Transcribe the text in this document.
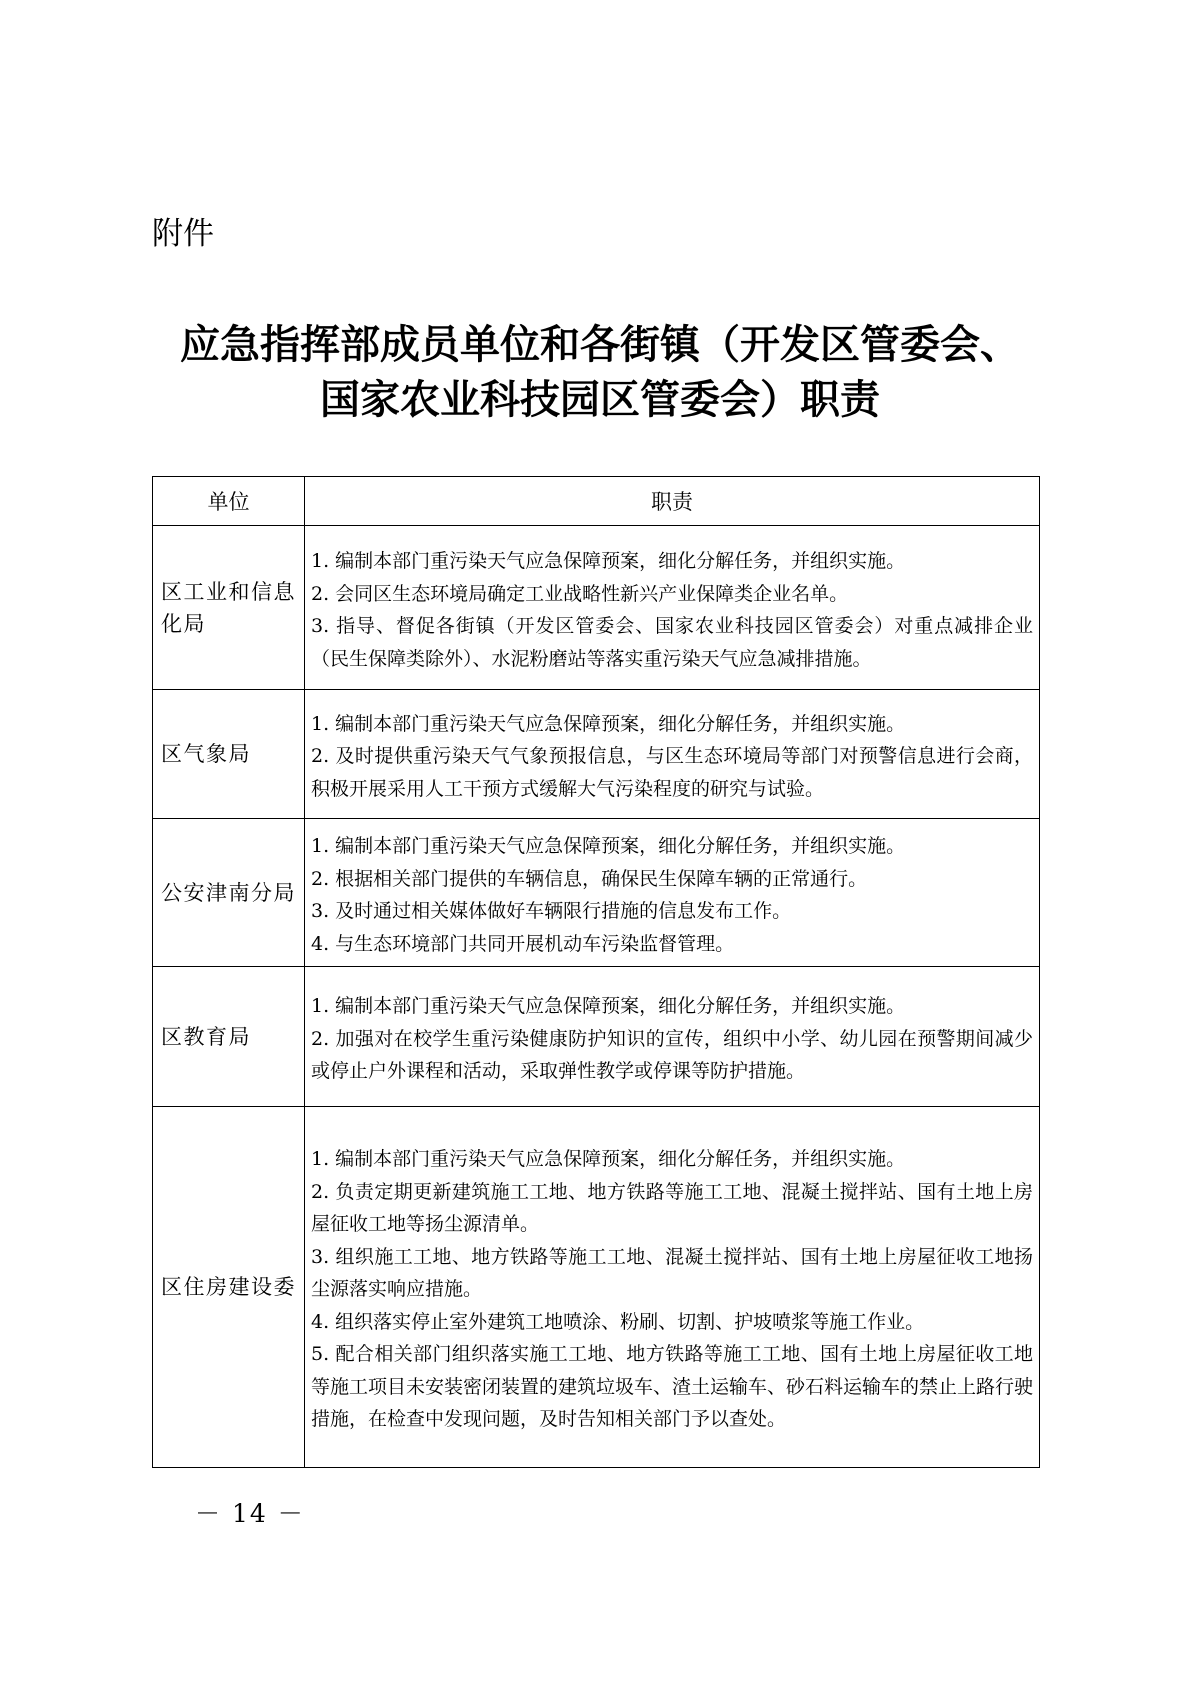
附件

应急指挥部成员单位和各街镇（开发区管委会、
国家农业科技园区管委会）职责
单位	职责
区工业和信息化局	1. 编制本部门重污染天气应急保障预案，细化分解任务，并组织实施。
2. 会同区生态环境局确定工业战略性新兴产业保障类企业名单。
3. 指导、督促各街镇（开发区管委会、国家农业科技园区管委会）对重点减排企业（民生保障类除外）、水泥粉磨站等落实重污染天气应急减排措施。

区气象局	1. 编制本部门重污染天气应急保障预案，细化分解任务，并组织实施。
2. 及时提供重污染天气气象预报信息，与区生态环境局等部门对预警信息进行会商，积极开展采用人工干预方式缓解大气污染程度的研究与试验。

公安津南分局	1. 编制本部门重污染天气应急保障预案，细化分解任务，并组织实施。
2. 根据相关部门提供的车辆信息，确保民生保障车辆的正常通行。
3. 及时通过相关媒体做好车辆限行措施的信息发布工作。
4. 与生态环境部门共同开展机动车污染监督管理。

区教育局	1. 编制本部门重污染天气应急保障预案，细化分解任务，并组织实施。
2. 加强对在校学生重污染健康防护知识的宣传，组织中小学、幼儿园在预警期间减少或停止户外课程和活动，采取弹性教学或停课等防护措施。

区住房建设委	1. 编制本部门重污染天气应急保障预案，细化分解任务，并组织实施。
2. 负责定期更新建筑施工工地、地方铁路等施工工地、混凝土搅拌站、国有土地上房屋征收工地等扬尘源清单。
3. 组织施工工地、地方铁路等施工工地、混凝土搅拌站、国有土地上房屋征收工地扬尘源落实响应措施。
4. 组织落实停止室外建筑工地喷涂、粉刷、切割、护坡喷浆等施工作业。
5. 配合相关部门组织落实施工工地、地方铁路等施工工地、国有土地上房屋征收工地等施工项目未安装密闭装置的建筑垃圾车、渣土运输车、砂石料运输车的禁止上路行驶措施，在检查中发现问题，及时告知相关部门予以查处。

－ 14 －
